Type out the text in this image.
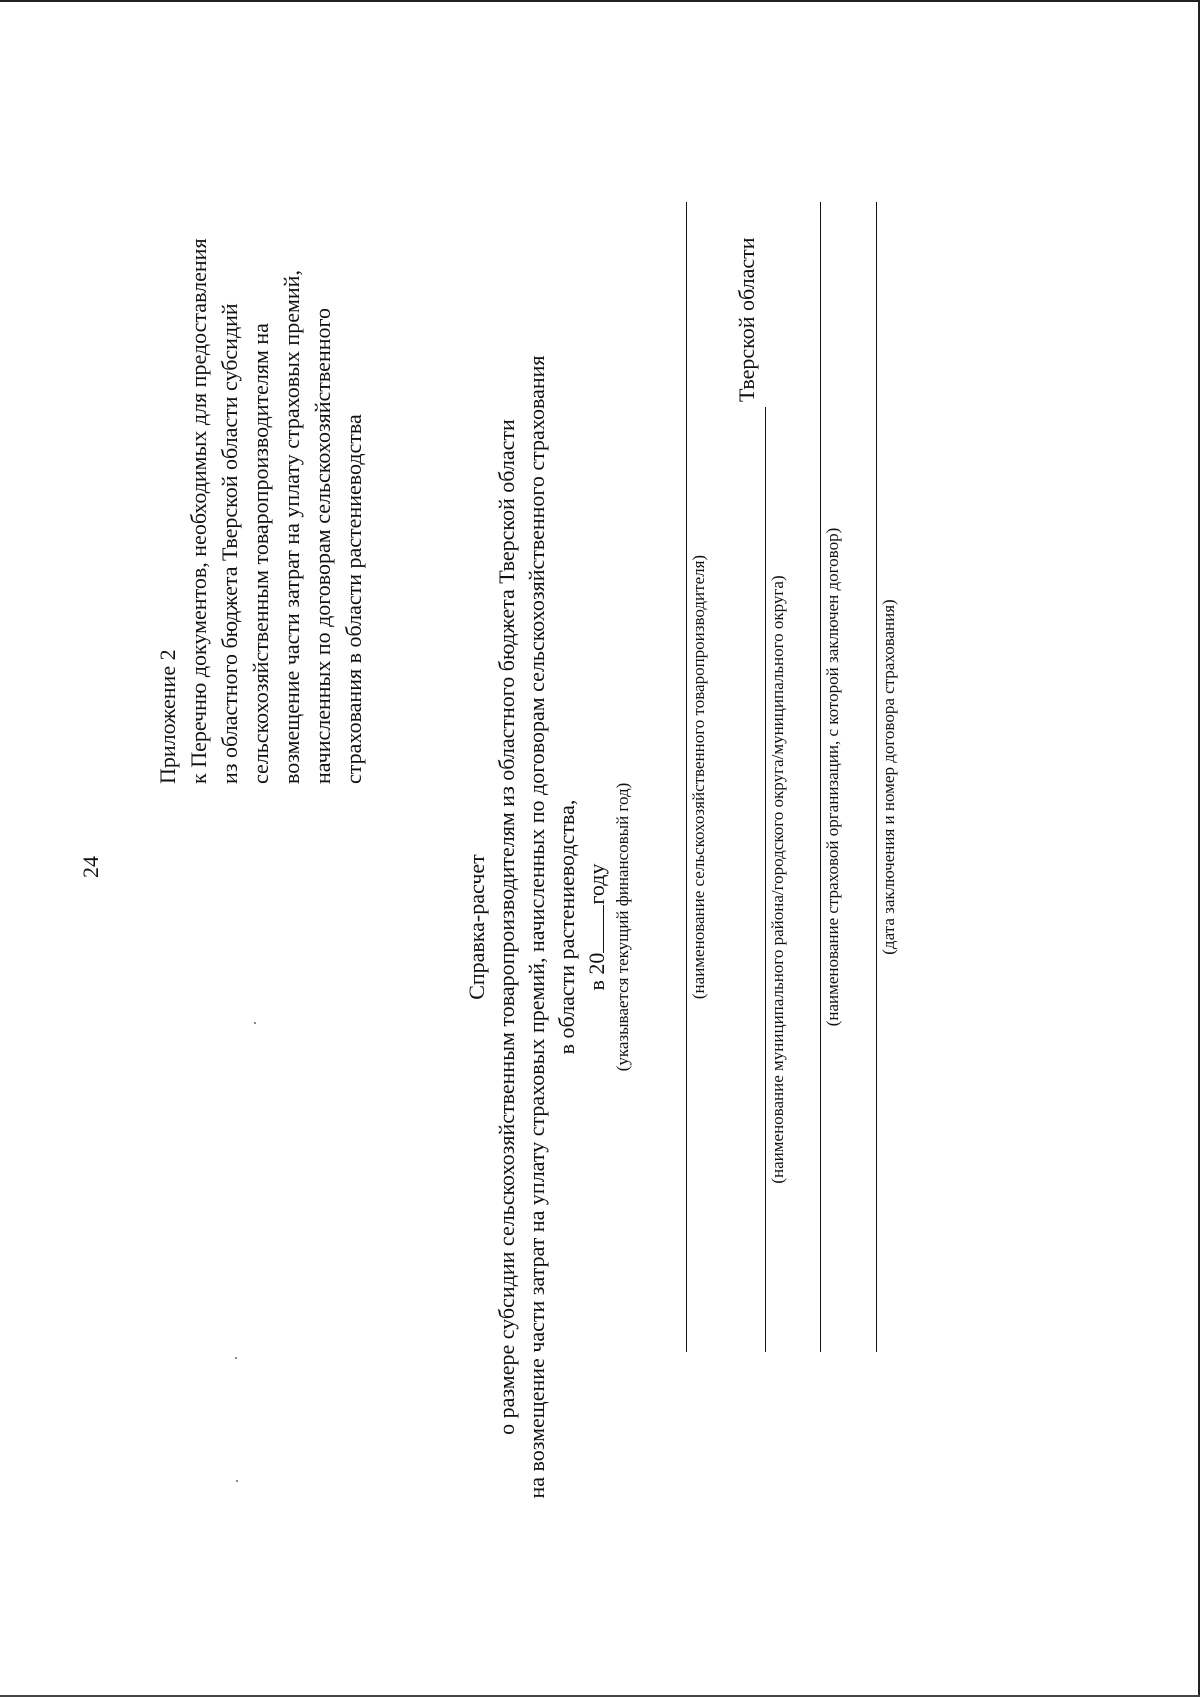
24
Приложение 2 к Перечню документов, необходимых для предоставления из областного бюджета Тверской области субсидий сельскохозяйственным товаропроизводителям на возмещение части затрат на уплату страховых премий, начисленных по договорам сельскохозяйственного страхования в области растениеводства
Справка-расчет о размере субсидии сельскохозяйственным товаропроизводителям из областного бюджета Тверской области на возмещение части затрат на уплату страховых премий, начисленных по договорам сельскохозяйственного страхования в области растениеводства, в 20году (указывается текущий финансовый год)	(наименование сельскохозяйственного товаропроизводителя)
Тверской области
(наименование муниципального района/городского округа/муниципального округа) (наименование страховой организации, с которой заключен договор) (дата заключения и номер договора страхования)
